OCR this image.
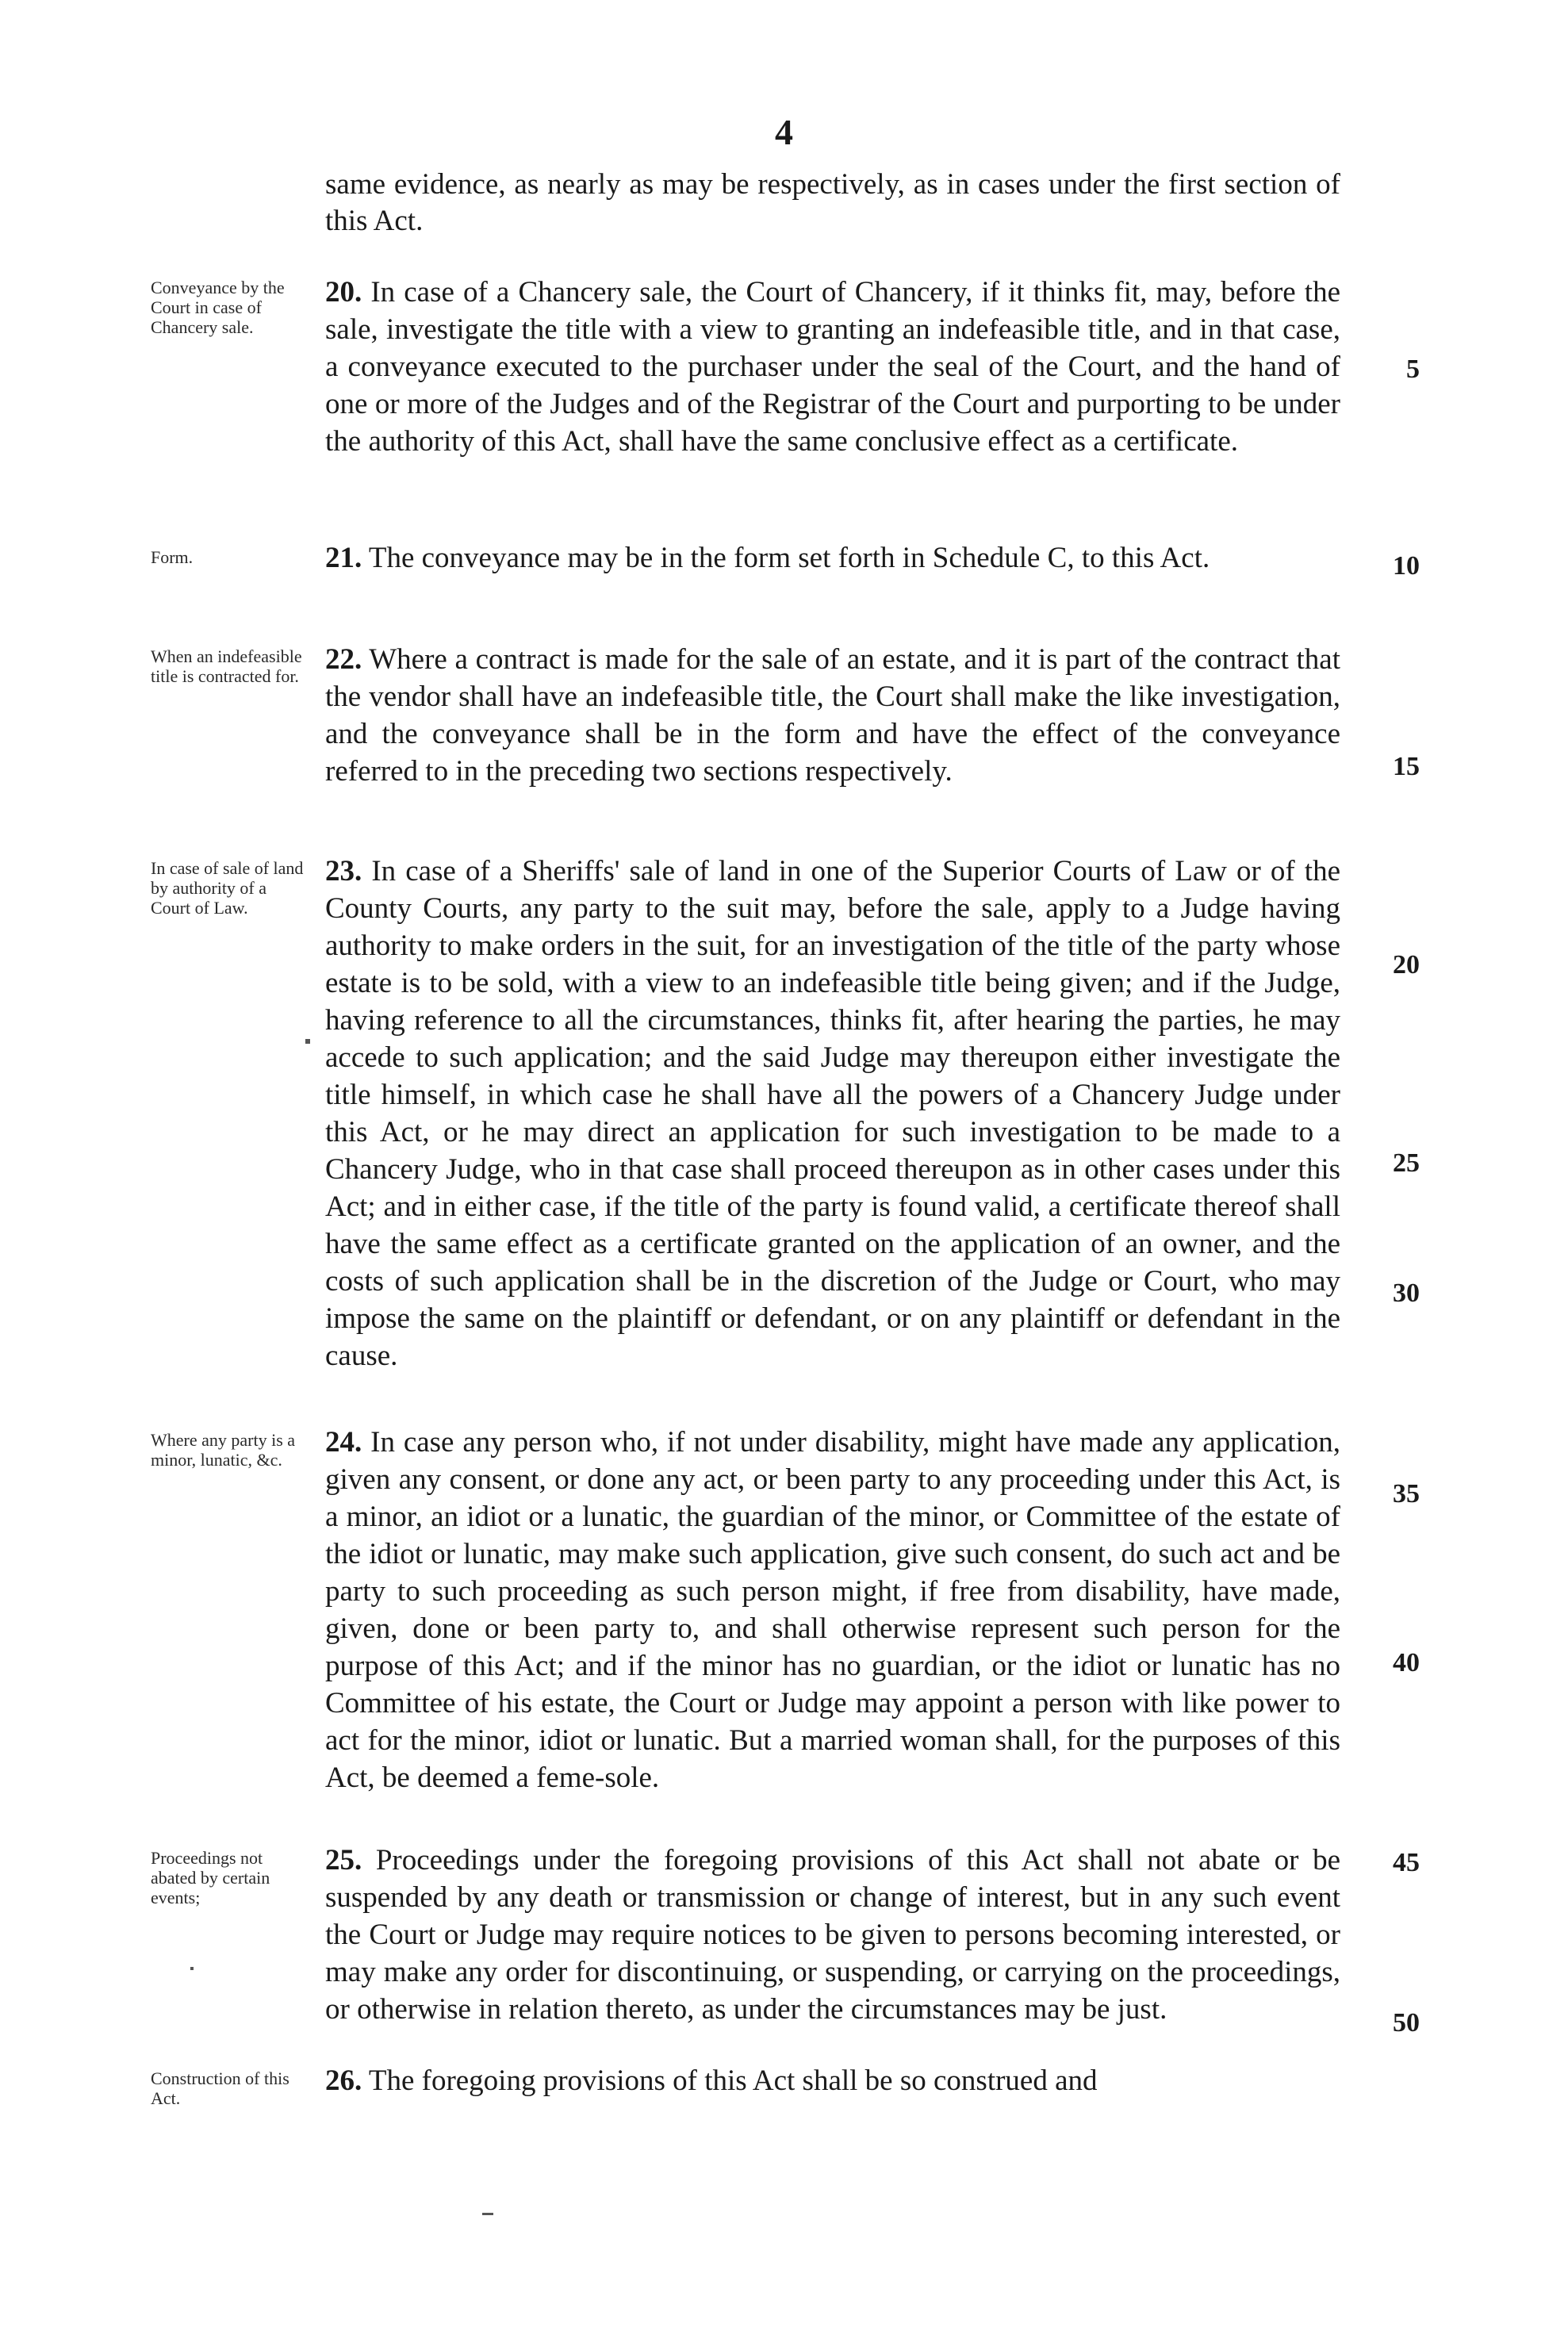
4
same evidence, as nearly as may be respectively, as in cases under the first section of this Act.
Conveyance by the Court in case of Chancery sale.
20. In case of a Chancery sale, the Court of Chancery, if it thinks fit, may, before the sale, investigate the title with a view to granting an indefeasible title, and in that case, a conveyance executed to the purchaser under the seal of the Court, and the hand of one or more of the Judges and of the Registrar of the Court and purporting to be under the authority of this Act, shall have the same conclusive effect as a certificate.
Form.	21. The conveyance may be in the form set forth in Schedule C, to this Act.
When an indefeasible title is contracted for.
22. Where a contract is made for the sale of an estate, and it is part of the contract that the vendor shall have an indefeasible title, the Court shall make the like investigation, and the conveyance shall be in the form and have the effect of the conveyance referred to in the preceding two sections respectively.
In case of sale of land by authority of a Court of Law.
23. In case of a Sheriffs' sale of land in one of the Superior Courts of Law or of the County Courts, any party to the suit may, before the sale, apply to a Judge having authority to make orders in the suit, for an investigation of the title of the party whose estate is to be sold, with a view to an indefeasible title being given; and if the Judge, having reference to all the circumstances, thinks fit, after hearing the parties, he may accede to such application; and the said Judge may thereupon either investigate the title himself, in which case he shall have all the powers of a Chancery Judge under this Act, or he may direct an application for such investigation to be made to a Chancery Judge, who in that case shall proceed thereupon as in other cases under this Act; and in either case, if the title of the party is found valid, a certificate thereof shall have the same effect as a certificate granted on the application of an owner, and the costs of such application shall be in the discretion of the Judge or Court, who may impose the same on the plaintiff or defendant, or on any plaintiff or defendant in the cause.
Where any party is a minor, lunatic, &c.
24. In case any person who, if not under disability, might have made any application, given any consent, or done any act, or been party to any proceeding under this Act, is a minor, an idiot or a lunatic, the guardian of the minor, or Committee of the estate of the idiot or lunatic, may make such application, give such consent, do such act and be party to such proceeding as such person might, if free from disability, have made, given, done or been party to, and shall otherwise represent such person for the purpose of this Act; and if the minor has no guardian, or the idiot or lunatic has no Committee of his estate, the Court or Judge may appoint a person with like power to act for the minor, idiot or lunatic. But a married woman shall, for the purposes of this Act, be deemed a feme-sole.
Proceedings not abated by certain events;
25. Proceedings under the foregoing provisions of this Act shall not abate or be suspended by any death or transmission or change of interest, but in any such event the Court or Judge may require notices to be given to persons becoming interested, or may make any order for discontinuing, or suspending, or carrying on the proceedings, or otherwise in relation thereto, as under the circumstances may be just.
Construction of this Act.
26. The foregoing provisions of this Act shall be so construed and
5
10
15
20
25
30
35
40
45
50
